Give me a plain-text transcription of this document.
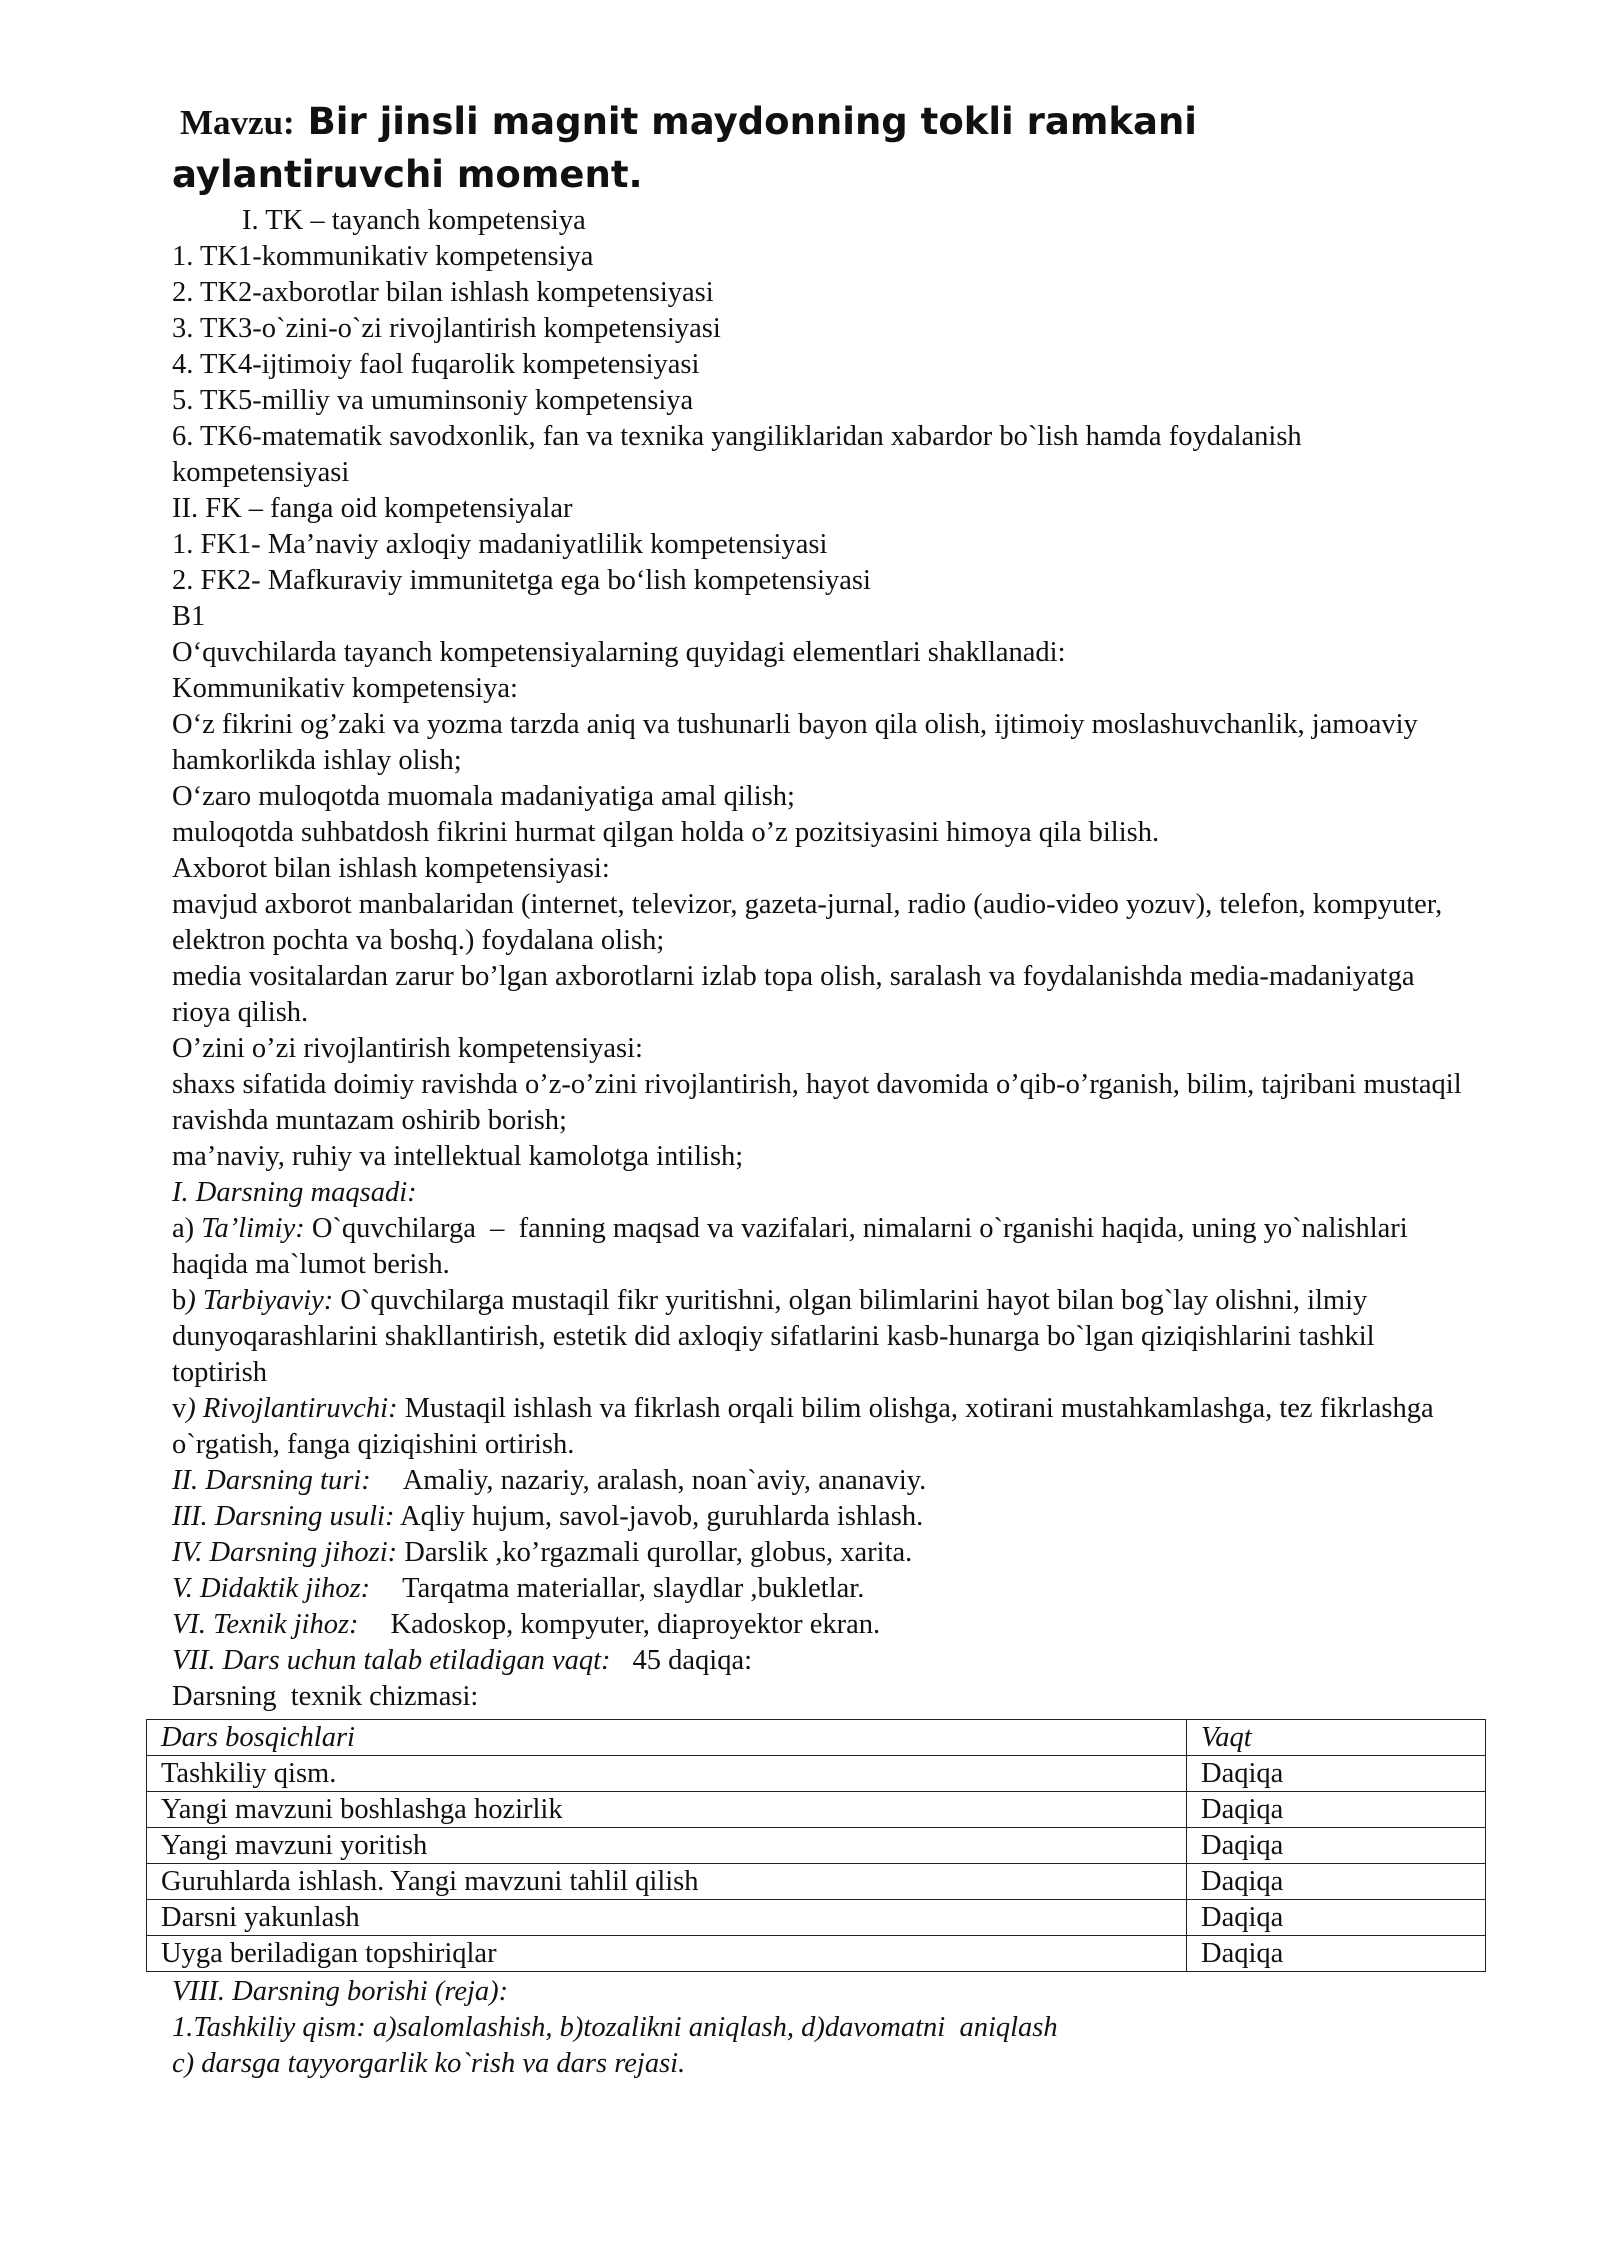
Mavzu: Bir jinsli magnit maydonning tokli ramkani aylantiruvchi moment.

I. TK – tayanch kompetensiya

1. TK1-kommunikativ kompetensiya

2. TK2-axborotlar bilan ishlash kompetensiyasi

3. TK3-o`zini-o`zi rivojlantirish kompetensiyasi

4. TK4-ijtimoiy faol fuqarolik kompetensiyasi

5. TK5-milliy va umuminsoniy kompetensiya

6. TK6-matematik savodxonlik, fan va texnika yangiliklaridan xabardor bo`lish hamda foydalanish kompetensiyasi

II. FK – fanga oid kompetensiyalar

1. FK1- Ma’naviy axloqiy madaniyatlilik kompetensiyasi

2. FK2- Mafkuraviy immunitetga ega bo‘lish kompetensiyasi

B1

O‘quvchilarda tayanch kompetensiyalarning quyidagi elementlari shakllanadi:

Kommunikativ kompetensiya:

O‘z fikrini og’zaki va yozma tarzda aniq va tushunarli bayon qila olish, ijtimoiy moslashuvchanlik, jamoaviy hamkorlikda ishlay olish;

O‘zaro muloqotda muomala madaniyatiga amal qilish;

muloqotda suhbatdosh fikrini hurmat qilgan holda o’z pozitsiyasini himoya qila bilish.

Axborot bilan ishlash kompetensiyasi:

mavjud axborot manbalaridan (internet, televizor, gazeta-jurnal, radio (audio-video yozuv), telefon, kompyuter, elektron pochta va boshq.) foydalana olish;

media vositalardan zarur bo’lgan axborotlarni izlab topa olish, saralash va foydalanishda media-madaniyatga rioya qilish.

O’zini o’zi rivojlantirish kompetensiyasi:

shaxs sifatida doimiy ravishda o’z-o’zini rivojlantirish, hayot davomida o’qib-o’rganish, bilim, tajribani mustaqil ravishda muntazam oshirib borish;

ma’naviy, ruhiy va intellektual kamolotga intilish;

I. Darsning maqsadi:

a) Ta’limiy: O`quvchilarga  –  fanning maqsad va vazifalari, nimalarni o`rganishi haqida, uning yo`nalishlari haqida ma`lumot berish.

b) Tarbiyaviy: O`quvchilarga mustaqil fikr yuritishni, olgan bilimlarini hayot bilan bog`lay olishni, ilmiy dunyoqarashlarini shakllantirish, estetik did axloqiy sifatlarini kasb-hunarga bo`lgan qiziqishlarini tashkil toptirish

v) Rivojlantiruvchi: Mustaqil ishlash va fikrlash orqali bilim olishga, xotirani mustahkamlashga, tez fikrlashga o`rgatish, fanga qiziqishini ortirish.

II. Darsning turi: Amaliy, nazariy, aralash, noan`aviy, ananaviy.

III. Darsning usuli: Aqliy hujum, savol-javob, guruhlarda ishlash.

IV. Darsning jihozi: Darslik ,ko’rgazmali qurollar, globus, xarita.

V. Didaktik jihoz: Tarqatma materiallar, slaydlar ,bukletlar.

VI. Texnik jihoz: Kadoskop, kompyuter, diaproyektor ekran.

VII. Dars uchun talab etiladigan vaqt: 45 daqiqa:

Darsning  texnik chizmasi:

Dars bosqichlari	Vaqt
Tashkiliy qism.	Daqiqa
Yangi mavzuni boshlashga hozirlik	Daqiqa
Yangi mavzuni yoritish	Daqiqa
Guruhlarda ishlash. Yangi mavzuni tahlil qilish	Daqiqa
Darsni yakunlash	Daqiqa
Uyga beriladigan topshiriqlar	Daqiqa

VIII. Darsning borishi (reja):

1.Tashkiliy qism: a)salomlashish, b)tozalikni aniqlash, d)davomatni  aniqlash

c) darsga tayyorgarlik ko`rish va dars rejasi.
